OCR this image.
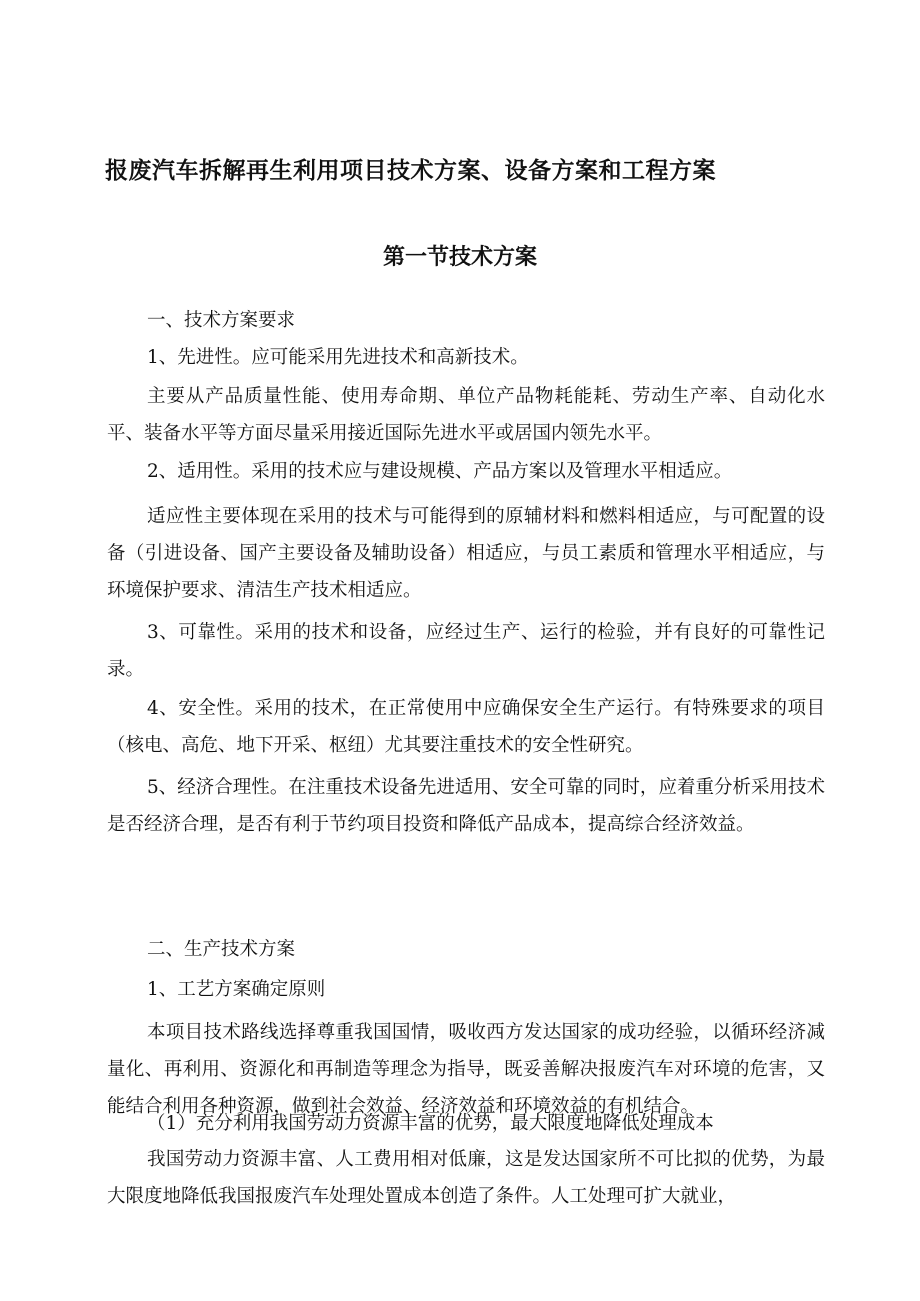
报废汽车拆解再生利用项目技术方案、设备方案和工程方案
第一节技术方案

一、技术方案要求

1、先进性。应可能采用先进技术和高新技术。

主要从产品质量性能、使用寿命期、单位产品物耗能耗、劳动生产率、自动化水平、装备水平等方面尽量采用接近国际先进水平或居国内领先水平。

2、适用性。采用的技术应与建设规模、产品方案以及管理水平相适应。

适应性主要体现在采用的技术与可能得到的原辅材料和燃料相适应，与可配置的设备（引进设备、国产主要设备及辅助设备）相适应，与员工素质和管理水平相适应，与环境保护要求、清洁生产技术相适应。

3、可靠性。采用的技术和设备，应经过生产、运行的检验，并有良好的可靠性记录。

4、安全性。采用的技术，在正常使用中应确保安全生产运行。有特殊要求的项目（核电、高危、地下开采、枢纽）尤其要注重技术的安全性研究。

5、经济合理性。在注重技术设备先进适用、安全可靠的同时，应着重分析采用技术是否经济合理，是否有利于节约项目投资和降低产品成本，提高综合经济效益。

二、生产技术方案

1、工艺方案确定原则

本项目技术路线选择尊重我国国情，吸收西方发达国家的成功经验，以循环经济减量化、再利用、资源化和再制造等理念为指导，既妥善解决报废汽车对环境的危害，又能结合利用各种资源，做到社会效益、经济效益和环境效益的有机结合。

（1）充分利用我国劳动力资源丰富的优势，最大限度地降低处理成本

我国劳动力资源丰富、人工费用相对低廉，这是发达国家所不可比拟的优势，为最大限度地降低我国报废汽车处理处置成本创造了条件。人工处理可扩大就业，
